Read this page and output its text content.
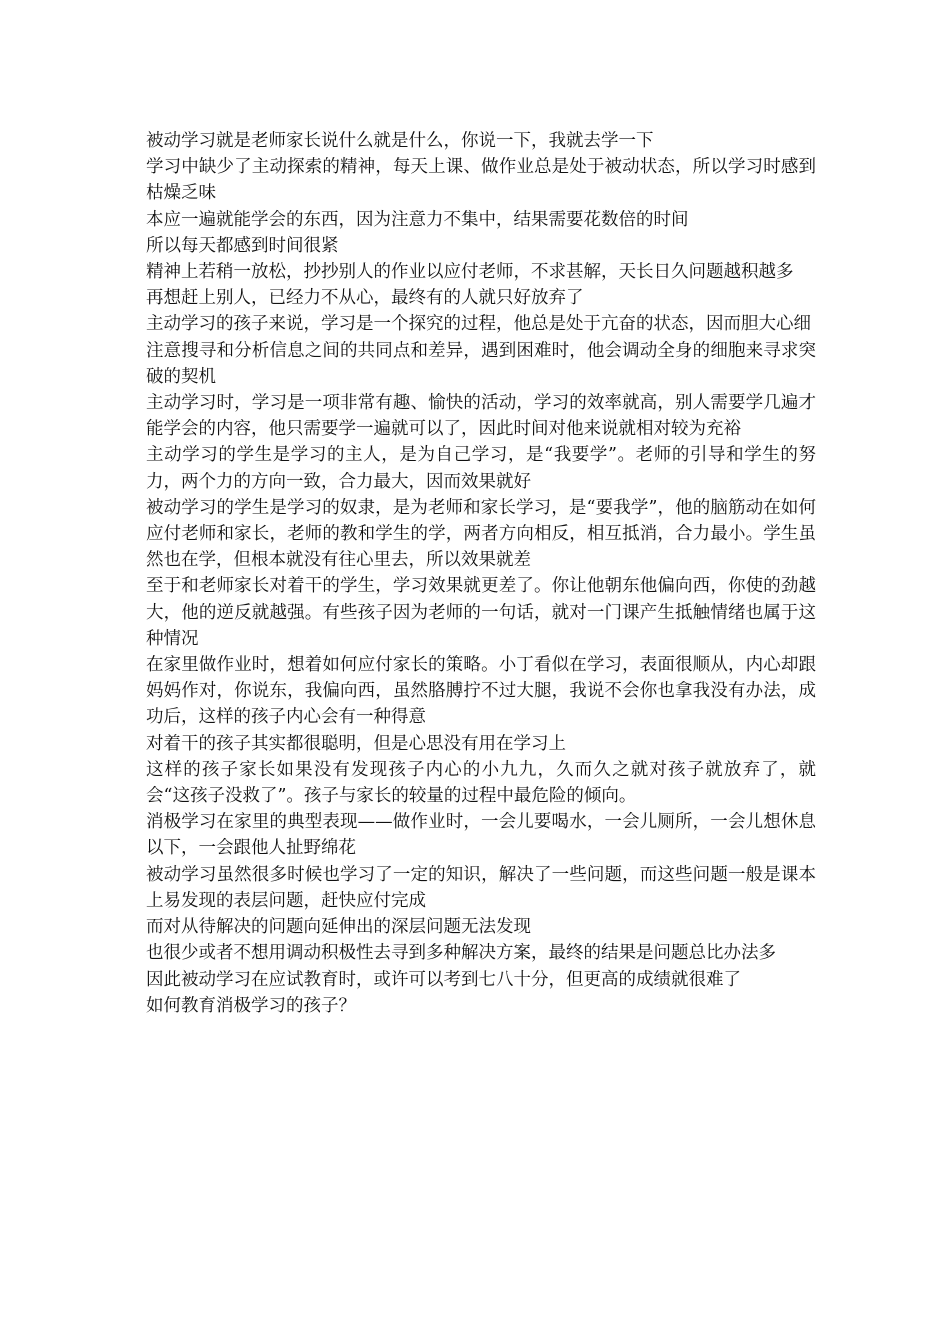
被动学习就是老师家长说什么就是什么，你说一下，我就去学一下

学习中缺少了主动探索的精神，每天上课、做作业总是处于被动状态，所以学习时感到枯燥乏味

本应一遍就能学会的东西，因为注意力不集中，结果需要花数倍的时间

所以每天都感到时间很紧

精神上若稍一放松，抄抄别人的作业以应付老师，不求甚解，天长日久问题越积越多

再想赶上别人，已经力不从心，最终有的人就只好放弃了

主动学习的孩子来说，学习是一个探究的过程，他总是处于亢奋的状态，因而胆大心细

注意搜寻和分析信息之间的共同点和差异，遇到困难时，他会调动全身的细胞来寻求突破的契机

主动学习时，学习是一项非常有趣、愉快的活动，学习的效率就高，别人需要学几遍才能学会的内容，他只需要学一遍就可以了，因此时间对他来说就相对较为充裕

主动学习的学生是学习的主人，是为自己学习，是“我要学”。老师的引导和学生的努力，两个力的方向一致，合力最大，因而效果就好

被动学习的学生是学习的奴隶，是为老师和家长学习，是“要我学”，他的脑筋动在如何应付老师和家长，老师的教和学生的学，两者方向相反，相互抵消，合力最小。学生虽然也在学，但根本就没有往心里去，所以效果就差

至于和老师家长对着干的学生，学习效果就更差了。你让他朝东他偏向西，你使的劲越大，他的逆反就越强。有些孩子因为老师的一句话，就对一门课产生抵触情绪也属于这种情况

在家里做作业时，想着如何应付家长的策略。小丁看似在学习，表面很顺从，内心却跟妈妈作对，你说东，我偏向西，虽然胳膊拧不过大腿，我说不会你也拿我没有办法，成功后，这样的孩子内心会有一种得意

对着干的孩子其实都很聪明，但是心思没有用在学习上

这样的孩子家长如果没有发现孩子内心的小九九，久而久之就对孩子就放弃了，就会“这孩子没救了”。孩子与家长的较量的过程中最危险的倾向。

消极学习在家里的典型表现——做作业时，一会儿要喝水，一会儿厕所，一会儿想休息以下，一会跟他人扯野绵花

被动学习虽然很多时候也学习了一定的知识，解决了一些问题，而这些问题一般是课本上易发现的表层问题，赶快应付完成

而对从待解决的问题向延伸出的深层问题无法发现

也很少或者不想用调动积极性去寻到多种解决方案，最终的结果是问题总比办法多

因此被动学习在应试教育时，或许可以考到七八十分，但更高的成绩就很难了

如何教育消极学习的孩子？
